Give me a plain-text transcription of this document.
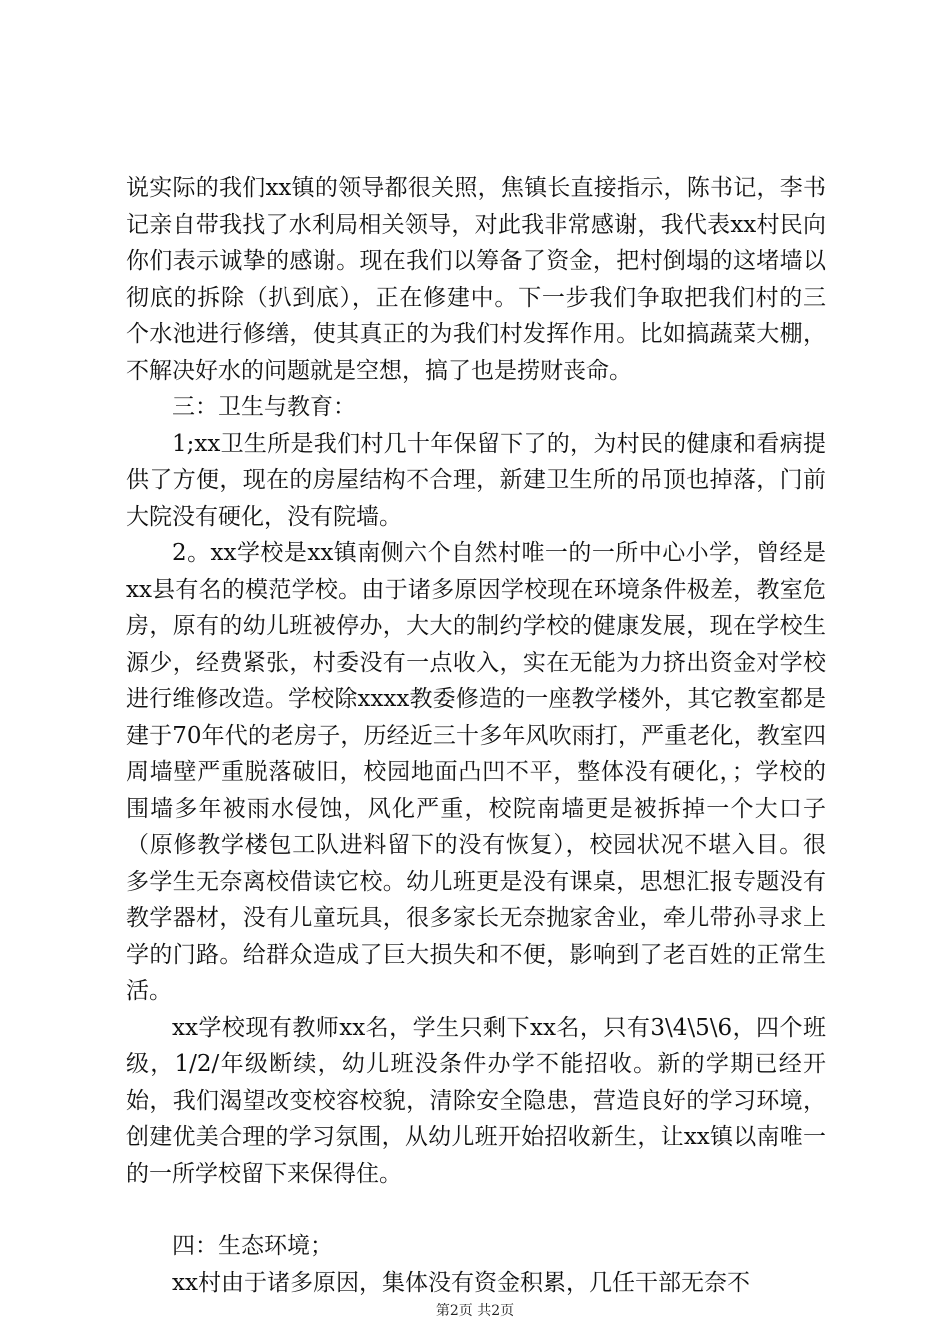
说实际的我们xx镇的领导都很关照，焦镇长直接指示，陈书记，李书记亲自带我找了水利局相关领导，对此我非常感谢，我代表xx村民向你们表示诚挚的感谢。现在我们以筹备了资金，把村倒塌的这堵墙以彻底的拆除（扒到底），正在修建中。下一步我们争取把我们村的三个水池进行修缮，使其真正的为我们村发挥作用。比如搞蔬菜大棚，不解决好水的问题就是空想，搞了也是捞财丧命。

三：卫生与教育：

1;xx卫生所是我们村几十年保留下了的，为村民的健康和看病提供了方便，现在的房屋结构不合理，新建卫生所的吊顶也掉落，门前大院没有硬化，没有院墙。

2。xx学校是xx镇南侧六个自然村唯一的一所中心小学，曾经是xx县有名的模范学校。由于诸多原因学校现在环境条件极差，教室危房，原有的幼儿班被停办，大大的制约学校的健康发展，现在学校生源少，经费紧张，村委没有一点收入，实在无能为力挤出资金对学校进行维修改造。学校除xxxx教委修造的一座教学楼外，其它教室都是建于70年代的老房子，历经近三十多年风吹雨打，严重老化，教室四周墙壁严重脱落破旧，校园地面凸凹不平，整体没有硬化，；学校的围墙多年被雨水侵蚀，风化严重，校院南墙更是被拆掉一个大口子（原修教学楼包工队进料留下的没有恢复），校园状况不堪入目。很多学生无奈离校借读它校。幼儿班更是没有课桌，思想汇报专题没有教学器材，没有儿童玩具，很多家长无奈抛家舍业，牵儿带孙寻求上学的门路。给群众造成了巨大损失和不便，影响到了老百姓的正常生活。

xx学校现有教师xx名，学生只剩下xx名，只有3\4\5\6，四个班级，1/2/年级断续，幼儿班没条件办学不能招收。新的学期已经开始，我们渴望改变校容校貌，清除安全隐患，营造良好的学习环境，创建优美合理的学习氛围，从幼儿班开始招收新生，让xx镇以南唯一的一所学校留下来保得住。

四：生态环境；

xx村由于诸多原因，集体没有资金积累，几任干部无奈不

第2页 共2页
